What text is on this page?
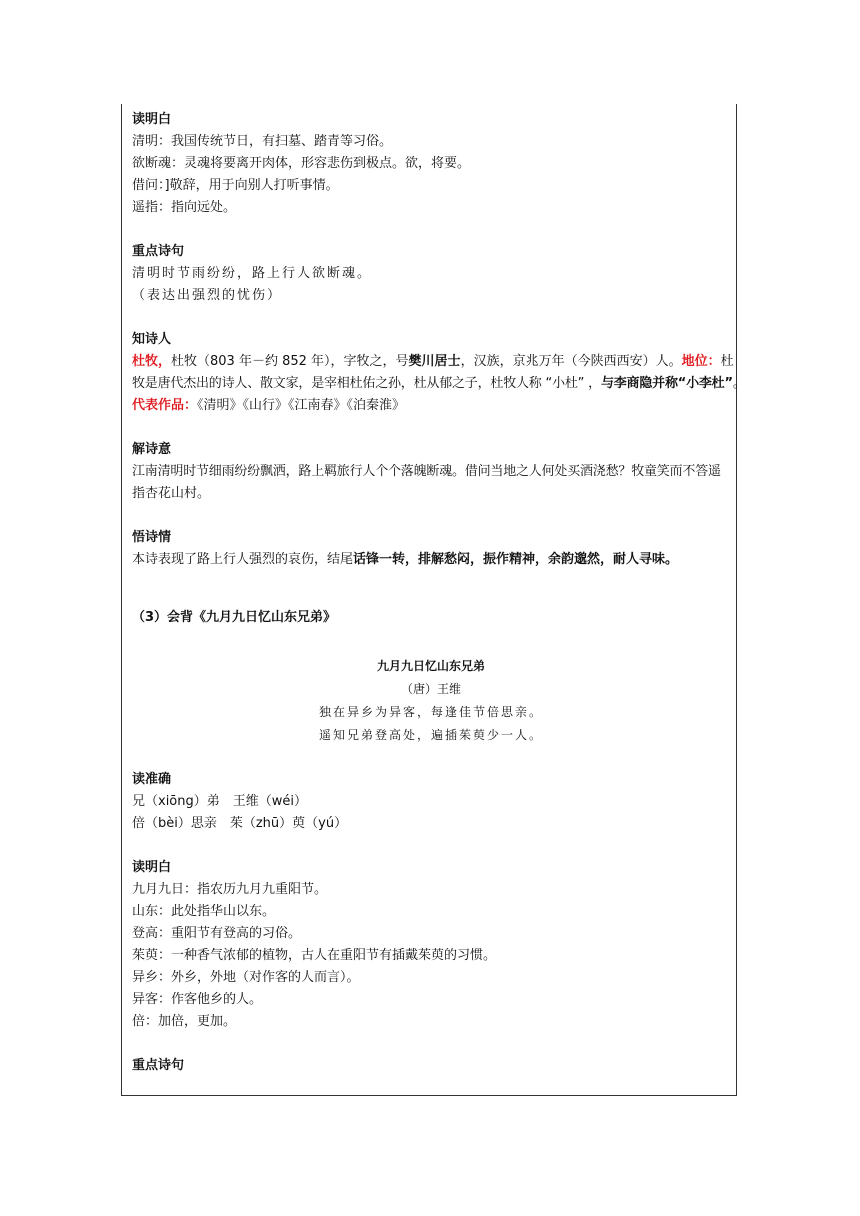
读明白
清明：我国传统节日，有扫墓、踏青等习俗。
欲断魂：灵魂将要离开肉体，形容悲伤到极点。欲，将要。
借问：]敬辞，用于向别人打听事情。
遥指：指向远处。
重点诗句
清明时节雨纷纷，路上行人欲断魂。
（表达出强烈的忧伤）
知诗人
杜牧，杜牧（803 年－约 852 年），字牧之，号樊川居士，汉族，京兆万年（今陕西西安）人。地位：杜
牧是唐代杰出的诗人、散文家，是宰相杜佑之孙，杜从郁之子，杜牧人称 “小杜” ，与李商隐并称“小李杜”。
代表作品：《清明》《山行》《江南春》《泊秦淮》
解诗意
江南清明时节细雨纷纷飘洒，路上羁旅行人个个落魄断魂。借问当地之人何处买酒浇愁？牧童笑而不答遥
指杏花山村。
悟诗情
本诗表现了路上行人强烈的哀伤，结尾话锋一转，排解愁闷，振作精神，余韵邈然，耐人寻味。
（3）会背《九月九日忆山东兄弟》
九月九日忆山东兄弟
（唐）王维
独在异乡为异客，每逢佳节倍思亲。
遥知兄弟登高处，遍插茱萸少一人。
读准确
兄（xiōng）弟　王维（wéi）
倍（bèi）思亲　茱（zhū）萸（yú）
读明白
九月九日：指农历九月九重阳节。
山东：此处指华山以东。
登高：重阳节有登高的习俗。
茱萸：一种香气浓郁的植物，古人在重阳节有插戴茱萸的习惯。
异乡：外乡，外地（对作客的人而言）。
异客：作客他乡的人。
倍：加倍，更加。
重点诗句
